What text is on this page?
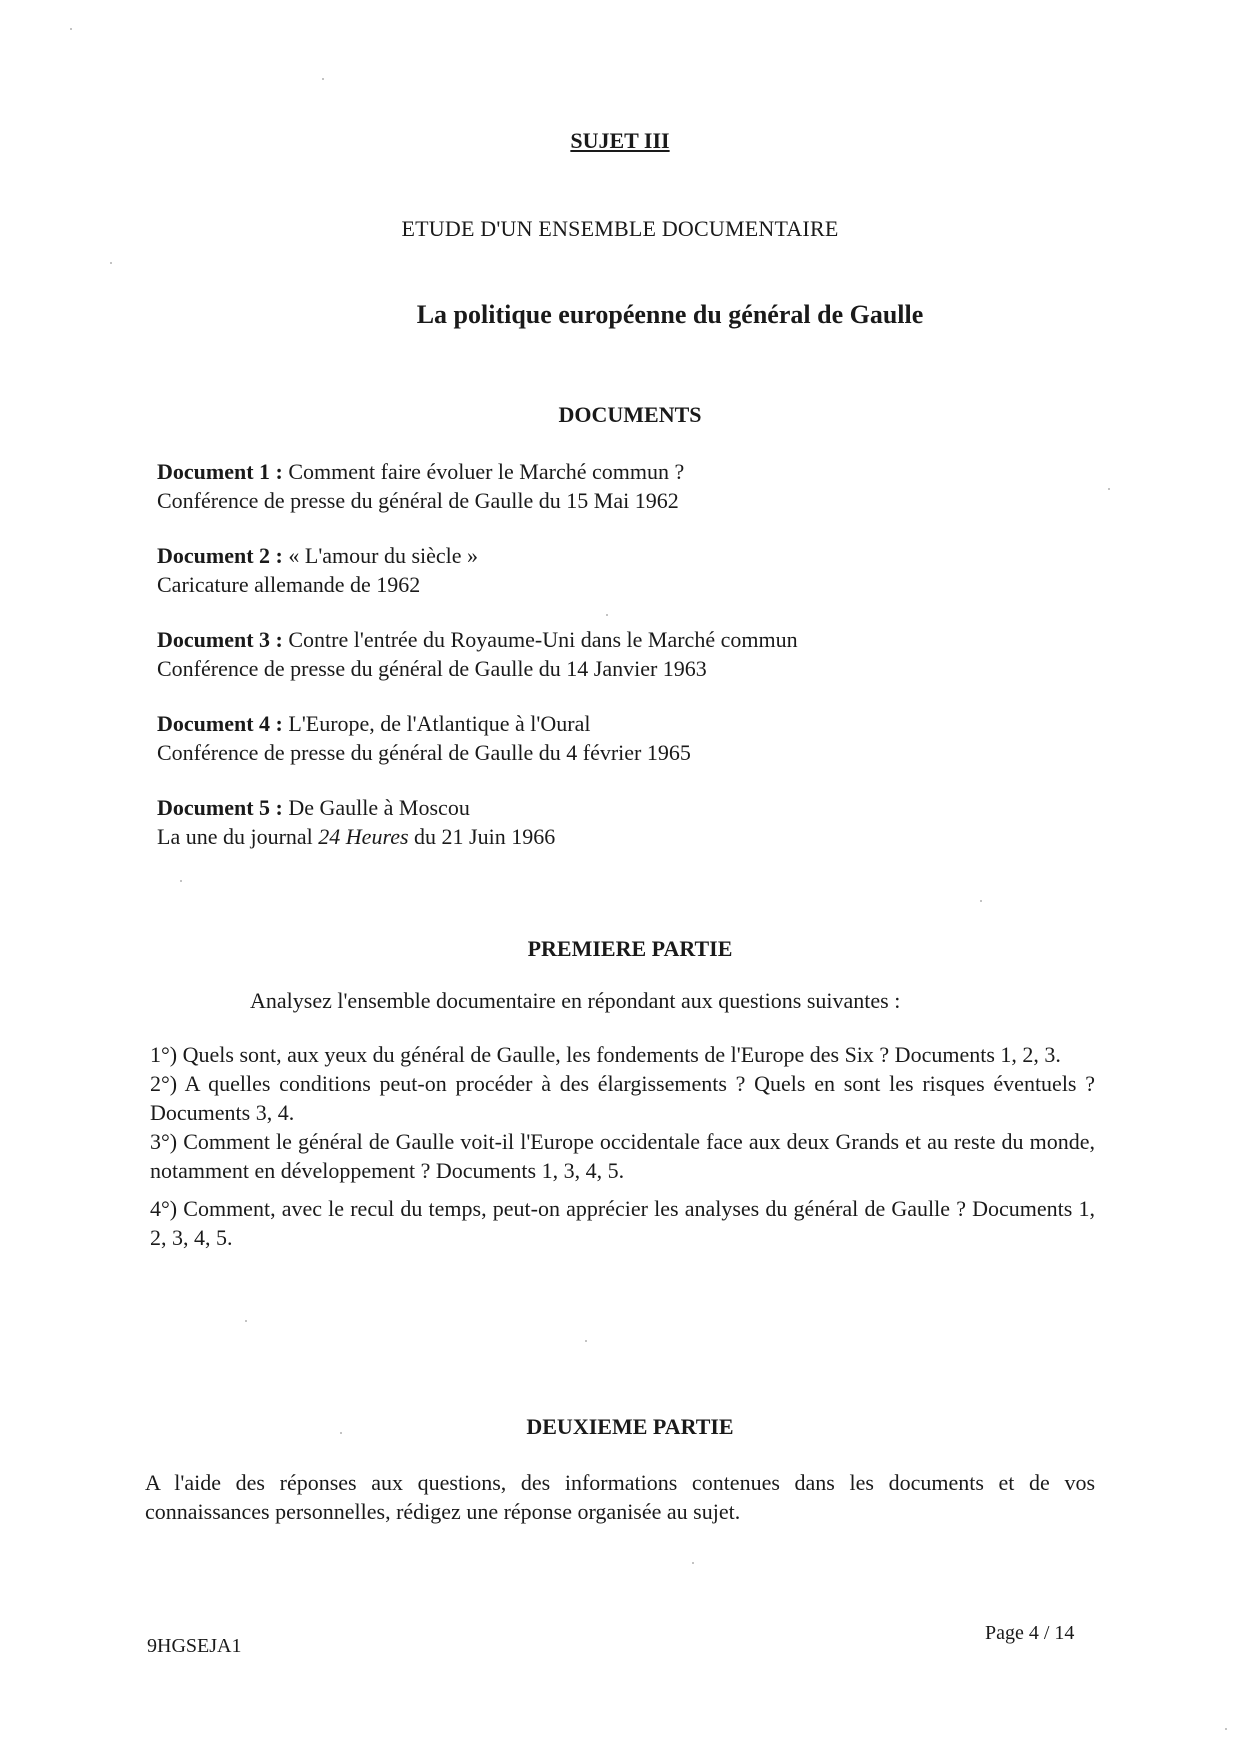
SUJET III
ETUDE D'UN ENSEMBLE DOCUMENTAIRE
La politique européenne du général de Gaulle
DOCUMENTS
Document 1 : Comment faire évoluer le Marché commun ?
Conférence de presse du général de Gaulle du 15 Mai 1962
Document 2 : « L'amour du siècle »
Caricature allemande de 1962
Document 3 : Contre l'entrée du Royaume-Uni dans le Marché commun
Conférence de presse du général de Gaulle du 14 Janvier 1963
Document 4 : L'Europe, de l'Atlantique à l'Oural
Conférence de presse du général de Gaulle du 4 février 1965
Document 5 : De Gaulle à Moscou
La une du journal 24 Heures du 21 Juin 1966
PREMIERE PARTIE
Analysez l'ensemble documentaire en répondant aux questions suivantes :
1°) Quels sont, aux yeux du général de Gaulle, les fondements de l'Europe des Six ? Documents 1, 2, 3.
2°) A quelles conditions peut-on procéder à des élargissements ? Quels en sont les risques éventuels ? Documents 3, 4.
3°) Comment le général de Gaulle voit-il l'Europe occidentale face aux deux Grands et au reste du monde, notamment en développement ? Documents 1, 3, 4, 5.
4°) Comment, avec le recul du temps, peut-on apprécier les analyses du général de Gaulle ? Documents 1, 2, 3, 4, 5.
DEUXIEME PARTIE
A l'aide des réponses aux questions, des informations contenues dans les documents et de vos connaissances personnelles, rédigez une réponse organisée au sujet.
9HGSEJA1
Page 4 / 14
